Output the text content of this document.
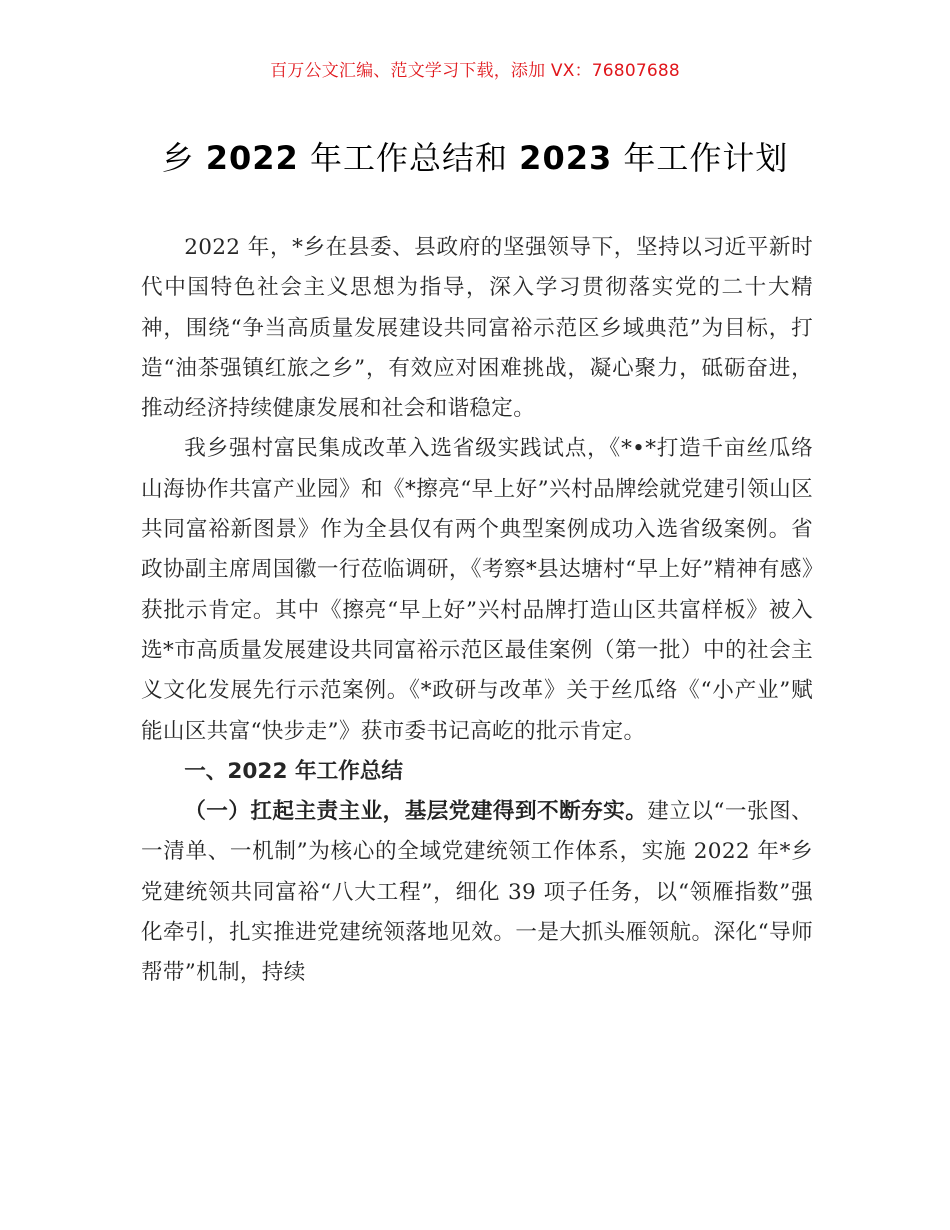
百万公文汇编、范文学习下载，添加 VX：76807688
乡 2022 年工作总结和 2023 年工作计划

2022 年，*乡在县委、县政府的坚强领导下，坚持以习近平新时代中国特色社会主义思想为指导，深入学习贯彻落实党的二十大精神，围绕“争当高质量发展建设共同富裕示范区乡域典范”为目标，打造“油茶强镇红旅之乡”，有效应对困难挑战，凝心聚力，砥砺奋进，推动经济持续健康发展和社会和谐稳定。

我乡强村富民集成改革入选省级实践试点，《*•*打造千亩丝瓜络山海协作共富产业园》和《*擦亮“早上好”兴村品牌绘就党建引领山区共同富裕新图景》作为全县仅有两个典型案例成功入选省级案例。省政协副主席周国徽一行莅临调研，《考察*县达塘村“早上好”精神有感》获批示肯定。其中《擦亮“早上好”兴村品牌打造山区共富样板》被入选*市高质量发展建设共同富裕示范区最佳案例（第一批）中的社会主义文化发展先行示范案例。《*政研与改革》关于丝瓜络《“小产业”赋能山区共富“快步走”》获市委书记高屹的批示肯定。

一、2022 年工作总结

（一）扛起主责主业，基层党建得到不断夯实。建立以“一张图、一清单、一机制”为核心的全域党建统领工作体系，实施 2022 年*乡党建统领共同富裕“八大工程”，细化 39 项子任务，以“领雁指数”强化牵引，扎实推进党建统领落地见效。一是大抓头雁领航。深化“导师帮带”机制，持续
